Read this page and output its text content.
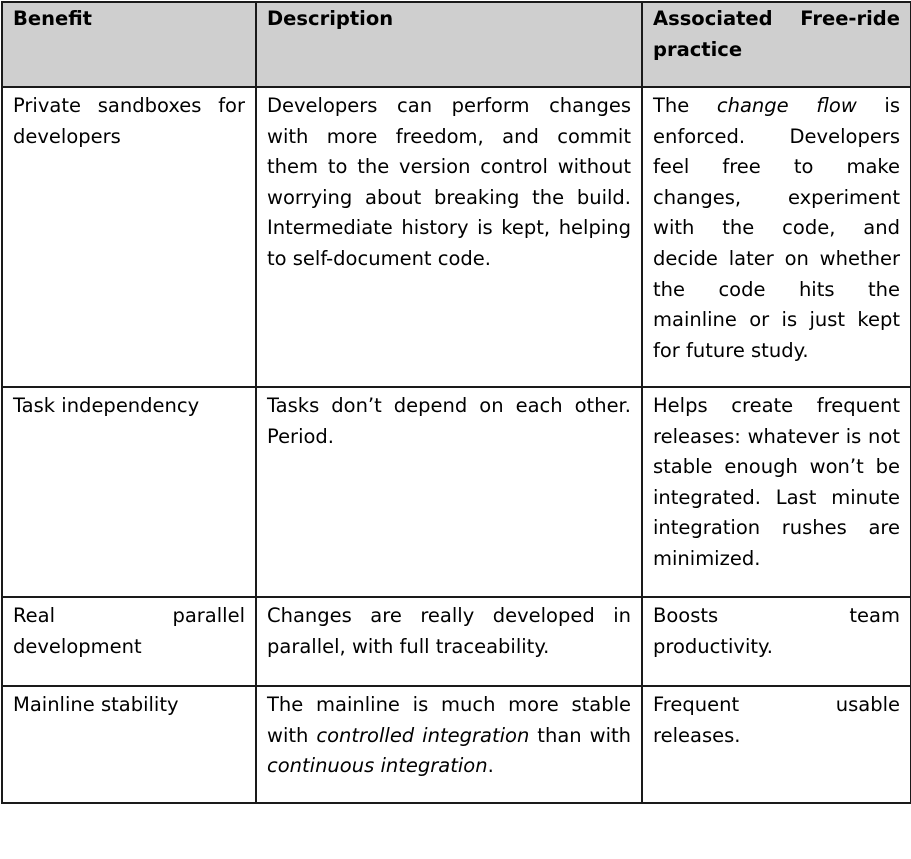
Benefit	Description	Associated Free-ride practice
Private sandboxes for developers	Developers can perform changes with more freedom, and commit them to the version control without worrying about breaking the build. Intermediate history is kept, helping to self-document code.	The change flow is enforced. Developers feel free to make changes, experiment with the code, and decide later on whether the code hits the mainline or is just kept for future study.
Task independency	Tasks don’t depend on each other. Period.	Helps create frequent releases: whatever is not stable enough won’t be integrated. Last minute integration rushes are minimized.
Real parallel development	Changes are really developed in parallel, with full traceability.	Boosts team productivity.
Mainline stability	The mainline is much more stable with controlled integration than with continuous integration.	Frequent usable releases.
